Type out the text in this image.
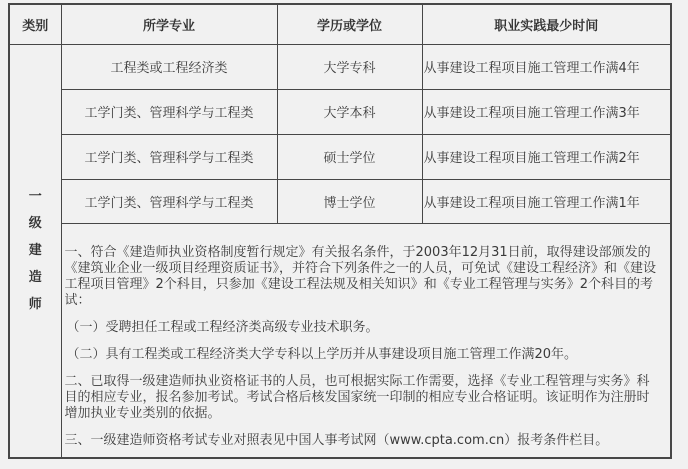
类别	所学专业	学历或学位	职业实践最少时间

一
级
建
造
师	工程类或工程经济类	大学专科	从事建设工程项目施工管理工作满4年
	工学门类、管理科学与工程类	大学本科	从事建设工程项目施工管理工作满3年
	工学门类、管理科学与工程类	硕士学位	从事建设工程项目施工管理工作满2年
	工学门类、管理科学与工程类	博士学位	从事建设工程项目施工管理工作满1年

	一、符合《建造师执业资格制度暂行规定》有关报名条件，于2003年12月31日前，取得建设部颁发的《建筑业企业一级项目经理资质证书》，并符合下列条件之一的人员，可免试《建设工程经济》和《建设工程项目管理》2个科目，只参加《建设工程法规及相关知识》和《专业工程管理与实务》2个科目的考试：

（一）受聘担任工程或工程经济类高级专业技术职务。

（二）具有工程类或工程经济类大学专科以上学历并从事建设项目施工管理工作满20年。

二、已取得一级建造师执业资格证书的人员，也可根据实际工作需要，选择《专业工程管理与实务》科目的相应专业，报名参加考试。考试合格后核发国家统一印制的相应专业合格证明。该证明作为注册时增加执业专业类别的依据。

三、一级建造师资格考试专业对照表见中国人事考试网（www.cpta.com.cn）报考条件栏目。		
